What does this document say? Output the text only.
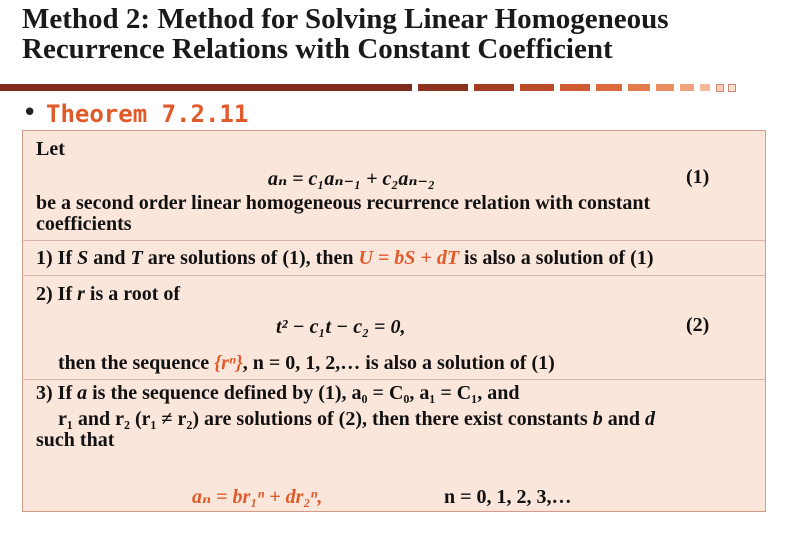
Method 2: Method for Solving Linear Homogeneous
Recurrence Relations with Constant Coefficient
• Theorem 7.2.11
Let
aₙ = c₁aₙ₋₁ + c₂aₙ₋₂	(1)
be a second order linear homogeneous recurrence relation with constant
coefficients
1) If S and T are solutions of (1), then U = bS + dT is also a solution of (1)
2) If r is a root of
t² − c₁t − c₂ = 0,	(2)
then the sequence {rⁿ}, n = 0, 1, 2,… is also a solution of (1)
3) If a is the sequence defined by (1), a₀ = C₀, a₁ = C₁, and
r₁ and r₂ (r₁ ≠ r₂) are solutions of (2), then there exist constants b and d
such that
aₙ = br₁ⁿ + dr₂ⁿ,	n = 0, 1, 2, 3,…
